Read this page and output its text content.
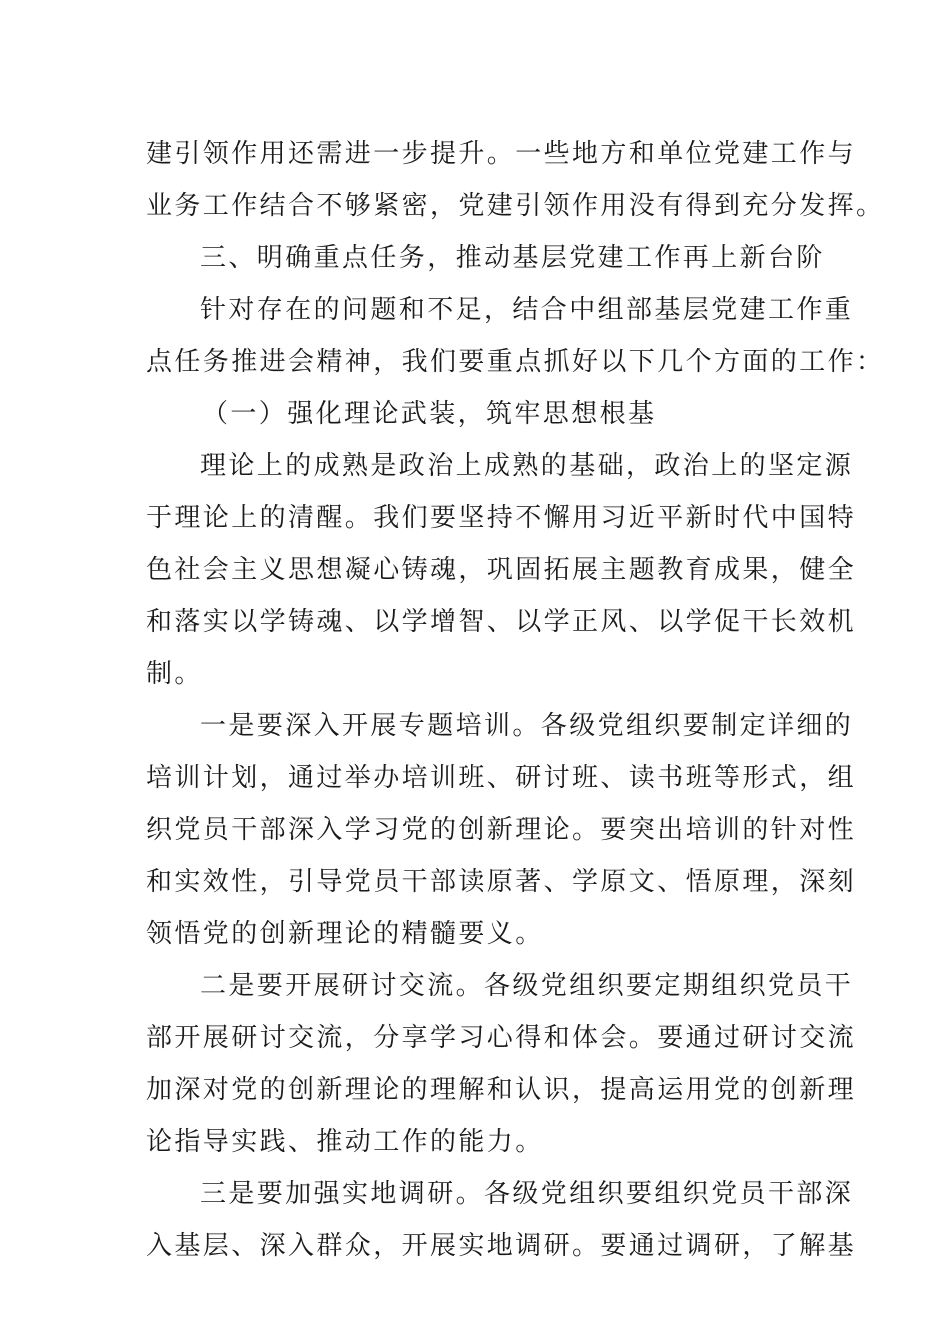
建引领作用还需进一步提升。一些地方和单位党建工作与
业务工作结合不够紧密，党建引领作用没有得到充分发挥。
三、明确重点任务，推动基层党建工作再上新台阶
针对存在的问题和不足，结合中组部基层党建工作重
点任务推进会精神，我们要重点抓好以下几个方面的工作：
（一）强化理论武装，筑牢思想根基
理论上的成熟是政治上成熟的基础，政治上的坚定源
于理论上的清醒。我们要坚持不懈用习近平新时代中国特
色社会主义思想凝心铸魂，巩固拓展主题教育成果，健全
和落实以学铸魂、以学增智、以学正风、以学促干长效机
制。
一是要深入开展专题培训。各级党组织要制定详细的
培训计划，通过举办培训班、研讨班、读书班等形式，组
织党员干部深入学习党的创新理论。要突出培训的针对性
和实效性，引导党员干部读原著、学原文、悟原理，深刻
领悟党的创新理论的精髓要义。
二是要开展研讨交流。各级党组织要定期组织党员干
部开展研讨交流，分享学习心得和体会。要通过研讨交流
加深对党的创新理论的理解和认识，提高运用党的创新理
论指导实践、推动工作的能力。
三是要加强实地调研。各级党组织要组织党员干部深
入基层、深入群众，开展实地调研。要通过调研，了解基
